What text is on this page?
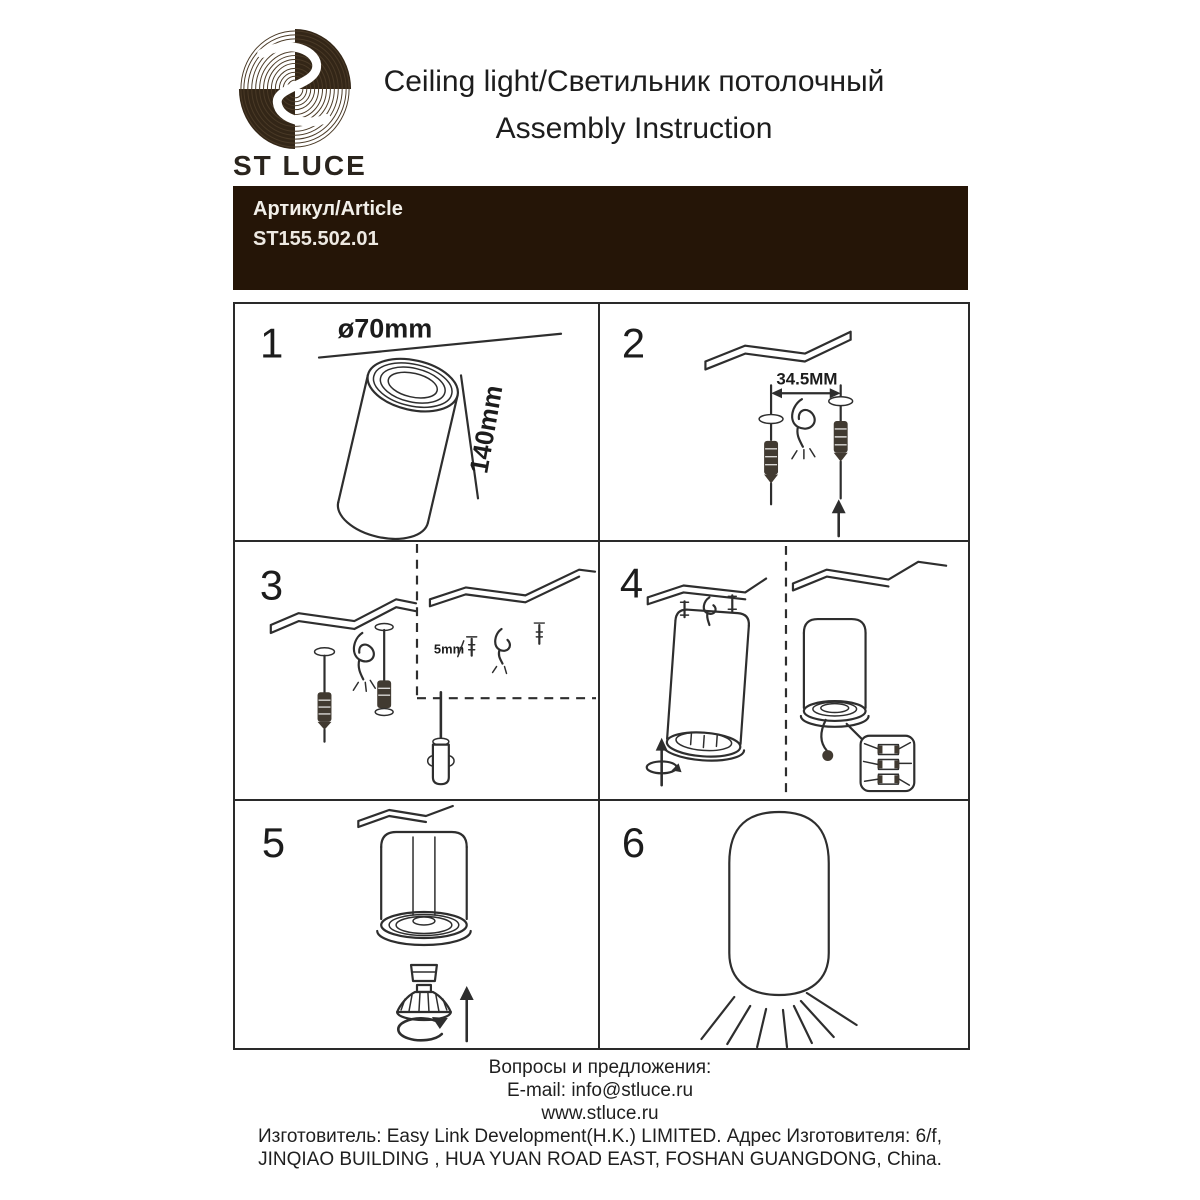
ST LUCE
Ceiling light/Светильник потолочный
Assembly Instruction
Артикул/Article
ST155.502.01
1 ø70mm
140mm
2
34.5MM
3
5mm
4
5	6
Вопросы и предложения:
E-mail: info@stluce.ru
www.stluce.ru
Изготовитель: Easy Link Development(H.K.) LIMITED. Адрес Изготовителя: 6/f,
JINQIAO BUILDING , HUA YUAN ROAD EAST, FOSHAN GUANGDONG, China.
